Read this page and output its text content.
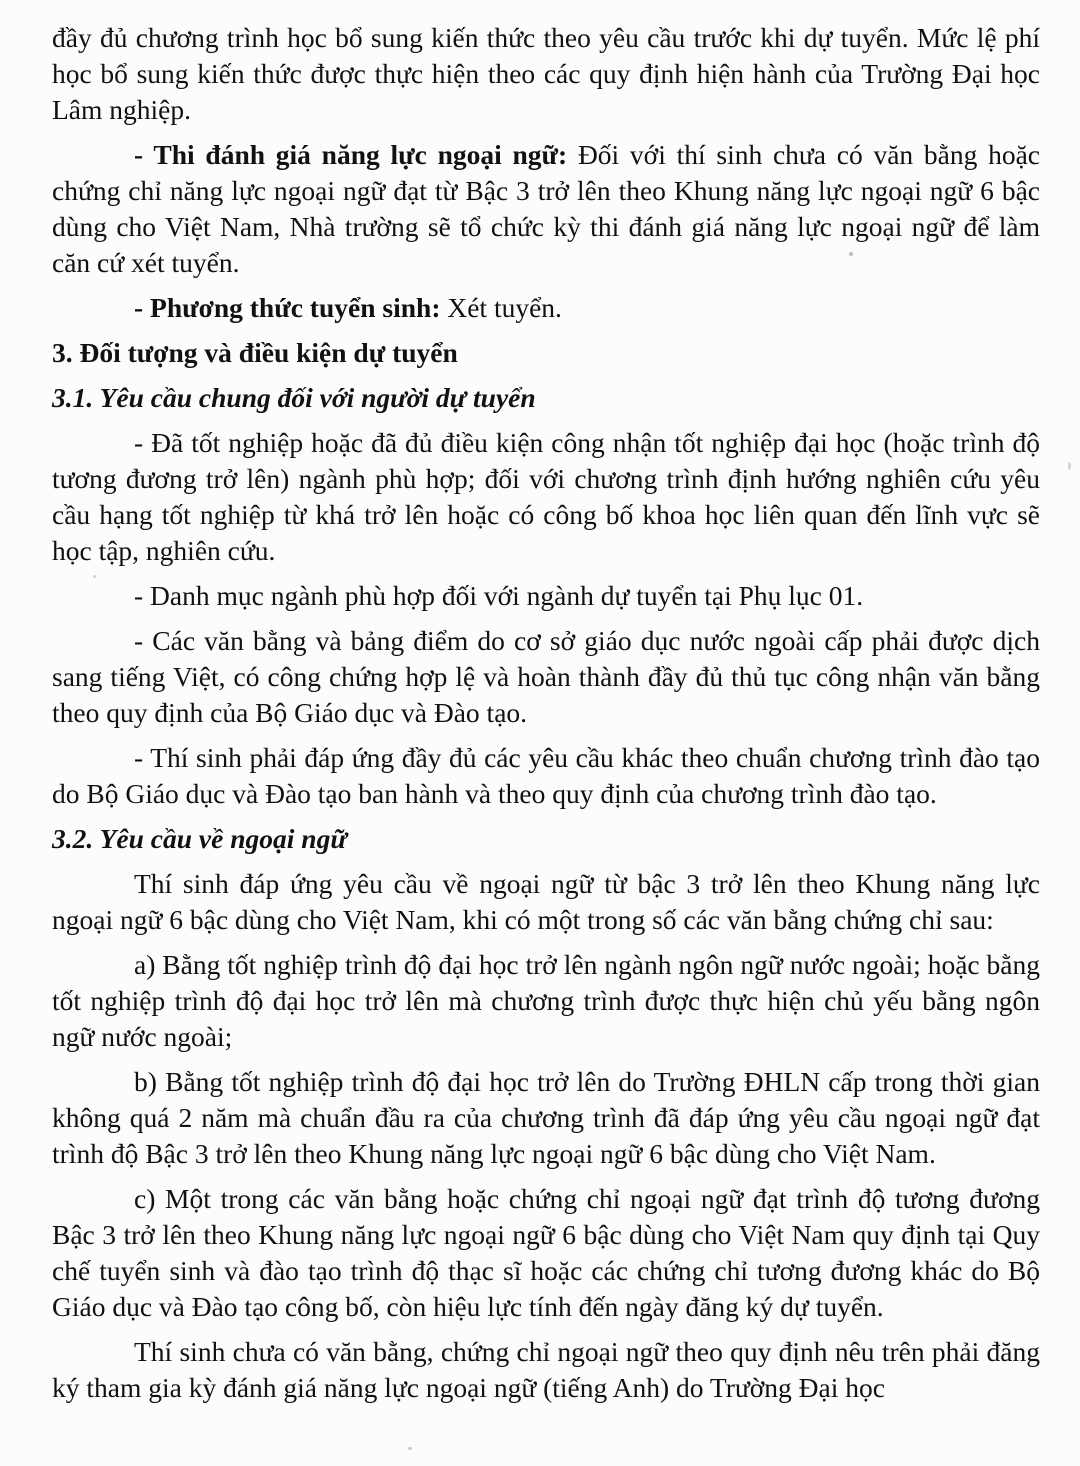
đầy đủ chương trình học bổ sung kiến thức theo yêu cầu trước khi dự tuyển. Mức lệ phí học bổ sung kiến thức được thực hiện theo các quy định hiện hành của Trường Đại học Lâm nghiệp.

- Thi đánh giá năng lực ngoại ngữ: Đối với thí sinh chưa có văn bằng hoặc chứng chỉ năng lực ngoại ngữ đạt từ Bậc 3 trở lên theo Khung năng lực ngoại ngữ 6 bậc dùng cho Việt Nam, Nhà trường sẽ tổ chức kỳ thi đánh giá năng lực ngoại ngữ để làm căn cứ xét tuyển.

- Phương thức tuyển sinh: Xét tuyển.

3. Đối tượng và điều kiện dự tuyển

3.1. Yêu cầu chung đối với người dự tuyển

- Đã tốt nghiệp hoặc đã đủ điều kiện công nhận tốt nghiệp đại học (hoặc trình độ tương đương trở lên) ngành phù hợp; đối với chương trình định hướng nghiên cứu yêu cầu hạng tốt nghiệp từ khá trở lên hoặc có công bố khoa học liên quan đến lĩnh vực sẽ học tập, nghiên cứu.

- Danh mục ngành phù hợp đối với ngành dự tuyển tại Phụ lục 01.

- Các văn bằng và bảng điểm do cơ sở giáo dục nước ngoài cấp phải được dịch sang tiếng Việt, có công chứng hợp lệ và hoàn thành đầy đủ thủ tục công nhận văn bằng theo quy định của Bộ Giáo dục và Đào tạo.

- Thí sinh phải đáp ứng đầy đủ các yêu cầu khác theo chuẩn chương trình đào tạo do Bộ Giáo dục và Đào tạo ban hành và theo quy định của chương trình đào tạo.

3.2. Yêu cầu về ngoại ngữ

Thí sinh đáp ứng yêu cầu về ngoại ngữ từ bậc 3 trở lên theo Khung năng lực ngoại ngữ 6 bậc dùng cho Việt Nam, khi có một trong số các văn bằng chứng chỉ sau:

a) Bằng tốt nghiệp trình độ đại học trở lên ngành ngôn ngữ nước ngoài; hoặc bằng tốt nghiệp trình độ đại học trở lên mà chương trình được thực hiện chủ yếu bằng ngôn ngữ nước ngoài;

b) Bằng tốt nghiệp trình độ đại học trở lên do Trường ĐHLN cấp trong thời gian không quá 2 năm mà chuẩn đầu ra của chương trình đã đáp ứng yêu cầu ngoại ngữ đạt trình độ Bậc 3 trở lên theo Khung năng lực ngoại ngữ 6 bậc dùng cho Việt Nam.

c) Một trong các văn bằng hoặc chứng chỉ ngoại ngữ đạt trình độ tương đương Bậc 3 trở lên theo Khung năng lực ngoại ngữ 6 bậc dùng cho Việt Nam quy định tại Quy chế tuyển sinh và đào tạo trình độ thạc sĩ hoặc các chứng chỉ tương đương khác do Bộ Giáo dục và Đào tạo công bố, còn hiệu lực tính đến ngày đăng ký dự tuyển.

Thí sinh chưa có văn bằng, chứng chỉ ngoại ngữ theo quy định nêu trên phải đăng ký tham gia kỳ đánh giá năng lực ngoại ngữ (tiếng Anh) do Trường Đại học
